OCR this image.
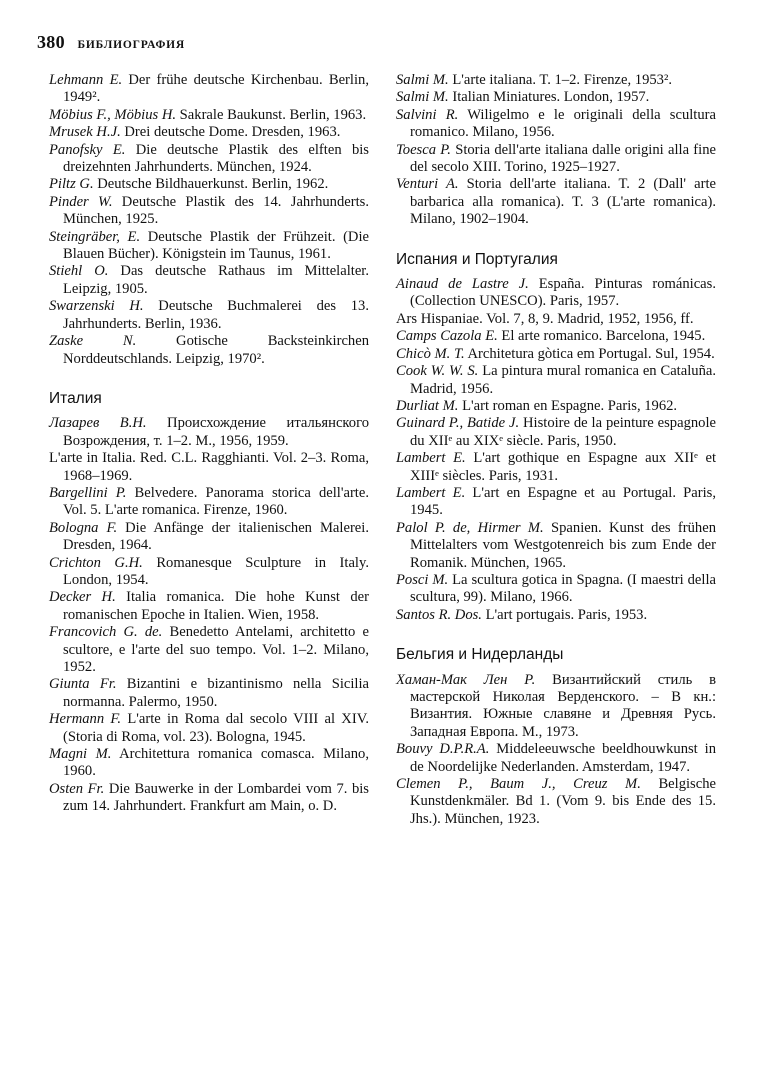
380 БИБЛИОГРАФИЯ

Lehmann E. Der frühe deutsche Kirchenbau. Berlin, 1949².

Möbius F., Möbius H. Sakrale Baukunst. Berlin, 1963.

Mrusek H.J. Drei deutsche Dome. Dresden, 1963.

Panofsky E. Die deutsche Plastik des elften bis dreizehnten Jahrhunderts. München, 1924.

Piltz G. Deutsche Bildhauerkunst. Berlin, 1962.

Pinder W. Deutsche Plastik des 14. Jahrhunderts. München, 1925.

Steingräber, E. Deutsche Plastik der Frühzeit. (Die Blauen Bücher). Königstein im Taunus, 1961.

Stiehl O. Das deutsche Rathaus im Mittelalter. Leipzig, 1905.

Swarzenski H. Deutsche Buchmalerei des 13. Jahrhunderts. Berlin, 1936.

Zaske N. Gotische Backsteinkirchen Norddeutschlands. Leipzig, 1970².

Италия

Лазарев В.Н. Происхождение итальянского Возрождения, т. 1–2. М., 1956, 1959.

L'arte in Italia. Red. C.L. Ragghianti. Vol. 2–3. Roma, 1968–1969.

Bargellini P. Belvedere. Panorama storica dell'arte. Vol. 5. L'arte romanica. Firenze, 1960.

Bologna F. Die Anfänge der italienischen Malerei. Dresden, 1964.

Crichton G.H. Romanesque Sculpture in Italy. London, 1954.

Decker H. Italia romanica. Die hohe Kunst der romanischen Epoche in Italien. Wien, 1958.

Francovich G. de. Benedetto Antelami, architetto e scultore, e l'arte del suo tempo. Vol. 1–2. Milano, 1952.

Giunta Fr. Bizantini e bizantinismo nella Sicilia normanna. Palermo, 1950.

Hermann F. L'arte in Roma dal secolo VIII al XIV. (Storia di Roma, vol. 23). Bologna, 1945.

Magni M. Architettura romanica comasca. Milano, 1960.

Osten Fr. Die Bauwerke in der Lombardei vom 7. bis zum 14. Jahrhundert. Frankfurt am Main, o. D.

Salmi M. L'arte italiana. T. 1–2. Firenze, 1953².

Salmi M. Italian Miniatures. London, 1957.

Salvini R. Wiligelmo e le originali della scultura romanico. Milano, 1956.

Toesca P. Storia dell'arte italiana dalle origini alla fine del secolo XIII. Torino, 1925–1927.

Venturi A. Storia dell'arte italiana. T. 2 (Dall' arte barbarica alla romanica). T. 3 (L'arte romanica). Milano, 1902–1904.

Испания и Португалия

Ainaud de Lastre J. España. Pinturas románicas. (Collection UNESCO). Paris, 1957.

Ars Hispaniae. Vol. 7, 8, 9. Madrid, 1952, 1956, ff.

Camps Cazola E. El arte romanico. Barcelona, 1945.

Chicò M. T. Architetura gòtica em Portugal. Sul, 1954.

Cook W. W. S. La pintura mural romanica en Cataluña. Madrid, 1956.

Durliat M. L'art roman en Espagne. Paris, 1962.

Guinard P., Batide J. Histoire de la peinture espagnole du XIIᵉ au XIXᵉ siècle. Paris, 1950.

Lambert E. L'art gothique en Espagne aux XIIᵉ et XIIIᵉ siècles. Paris, 1931.

Lambert E. L'art en Espagne et au Portugal. Paris, 1945.

Palol P. de, Hirmer M. Spanien. Kunst des frühen Mittelalters vom Westgotenreich bis zum Ende der Romanik. München, 1965.

Posci M. La scultura gotica in Spagna. (I maestri della scultura, 99). Milano, 1966.

Santos R. Dos. L'art portugais. Paris, 1953.

Бельгия и Нидерланды

Хаман-Мак Лен Р. Византийский стиль в мастерской Николая Верденского. – В кн.: Византия. Южные славяне и Древняя Русь. Западная Европа. М., 1973.

Bouvy D.P.R.A. Middeleeuwsche beeldhouwkunst in de Noordelijke Nederlanden. Amsterdam, 1947.

Clemen P., Baum J., Creuz M. Belgische Kunstdenkmäler. Bd 1. (Vom 9. bis Ende des 15. Jhs.). München, 1923.
